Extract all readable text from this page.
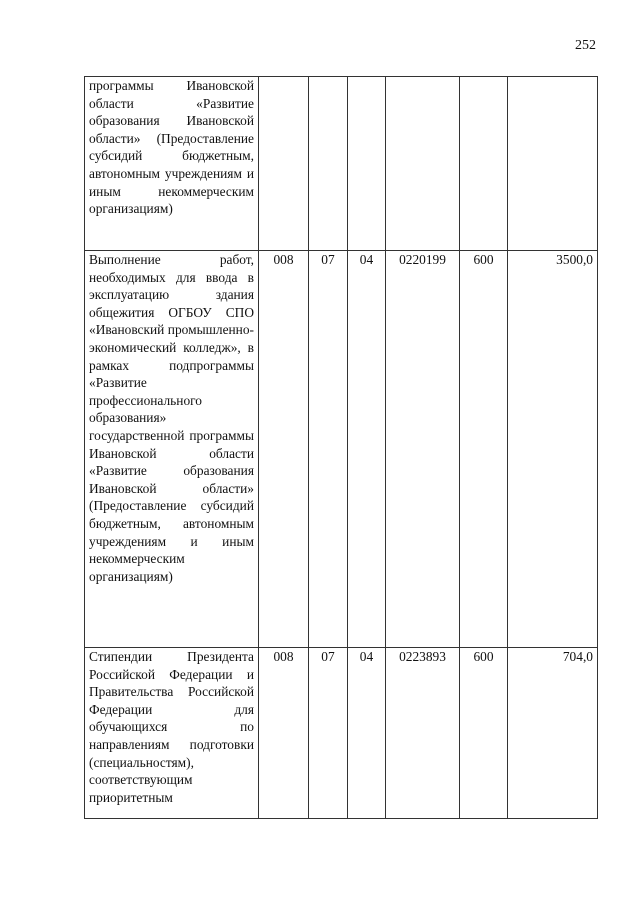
252
программы Ивановской области «Развитие образования Ивановской области» (Предоставление субсидий бюджетным, автономным учреждениям и иным некоммерческим организациям)						
Выполнение работ, необходимых для ввода в эксплуатацию здания общежития ОГБОУ СПО «Ивановский промышленно-экономический колледж», в рамках подпрограммы «Развитие профессионального образования» государственной программы Ивановской области «Развитие образования Ивановской области» (Предоставление субсидий бюджетным, автономным учреждениям и иным некоммерческим организациям)	008	07	04	0220199	600	3500,0
Стипендии Президента Российской Федерации и Правительства Российской Федерации для обучающихся по направлениям подготовки (специальностям), соответствующим приоритетным	008	07	04	0223893	600	704,0
